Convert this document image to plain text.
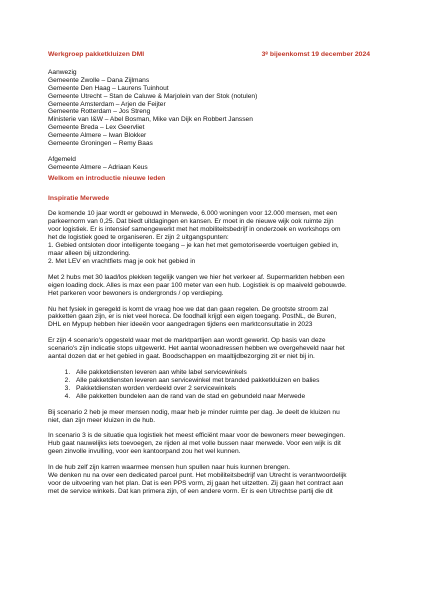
Werkgroep pakketkluizen DMI	3ᵉ bijeenkomst 19 december 2024
Aanwezig
Gemeente Zwolle – Dana Zijlmans
Gemeente Den Haag – Laurens Tuinhout
Gemeente Utrecht – Stan de Caluwe & Marjolein van der Stok (notulen)
Gemeente Amsterdam – Arjen de Feijter
Gemeente Rotterdam – Jos Streng
Ministerie van I&W – Abel Bosman, Mike van Dijk en Robbert Janssen
Gemeente Breda – Lex Geervliet
Gemeente Almere – Iwan Blokker
Gemeente Groningen – Remy Baas
Afgemeld
Gemeente Almere – Adriaan Keus
Welkom en introductie nieuwe leden
Inspiratie Merwede
De komende 10 jaar wordt er gebouwd in Merwede, 6.000 woningen voor 12.000 mensen, met een
parkeernorm van 0,25. Dat biedt uitdagingen en kansen. Er moet in de nieuwe wijk ook ruimte zijn
voor logistiek. Er is intensief samengewerkt met het mobiliteitsbedrijf in onderzoek en workshops om
het de logistiek goed te organiseren. Er zijn 2 uitgangspunten:
1. Gebied ontsloten door intelligente toegang – je kan het met gemotoriseerde voertuigen gebied in,
maar alleen bij uitzondering.
2. Met LEV en vrachtfiets mag je ook het gebied in
Met 2 hubs met 30 laad/los plekken tegelijk vangen we hier het verkeer af. Supermarkten hebben een
eigen loading dock. Alles is max een paar 100 meter van een hub. Logistiek is op maaiveld gebouwde.
Het parkeren voor bewoners is ondergronds / op verdieping.
Nu het fysiek in geregeld is komt de vraag hoe we dat dan gaan regelen. De grootste stroom zal
pakketten gaan zijn, er is niet veel horeca. De foodhall krijgt een eigen toegang. PostNL, de Buren,
DHL en Mypup hebben hier ideeën voor aangedragen tijdens een marktconsultatie in 2023
Er zijn 4 scenario's opgesteld waar met de marktpartijen aan wordt gewerkt. Op basis van deze
scenario's zijn indicatie stops uitgewerkt. Het aantal woonadressen hebben we overgeheveld naar het
aantal dozen dat er het gebied in gaat. Boodschappen en maaltijdbezorging zit er niet bij in.
1. Alle pakketdiensten leveren aan white label servicewinkels
2. Alle pakketdiensten leveren aan servicewinkel met branded pakketkluizen en balies
3. Pakketdiensten worden verdeeld over 2 servicewinkels
4. Alle pakketten bundelen aan de rand van de stad en gebundeld naar Merwede
Bij scenario 2 heb je meer mensen nodig, maar heb je minder ruimte per dag. Je deelt de kluizen nu
niet, dan zijn meer kluizen in de hub.
In scenario 3 is de situatie qua logistiek het meest efficiënt maar voor de bewoners meer bewegingen.
Hub gaat nauwelijks iets toevoegen, ze rijden al met volle bussen naar merwede. Voor een wijk is dit
geen zinvolle invulling, voor een kantoorpand zou het wel kunnen.
In de hub zelf zijn karren waarmee mensen hun spullen naar huis kunnen brengen.
We denken nu na over een dedicated parcel punt. Het mobiliteitsbedrijf van Utrecht is verantwoordelijk
voor de uitvoering van het plan. Dat is een PPS vorm, zij gaan het uitzetten. Zij gaan het contract aan
met de service winkels. Dat kan primera zijn, of een andere vorm. Er is een Utrechtse partij die dit
